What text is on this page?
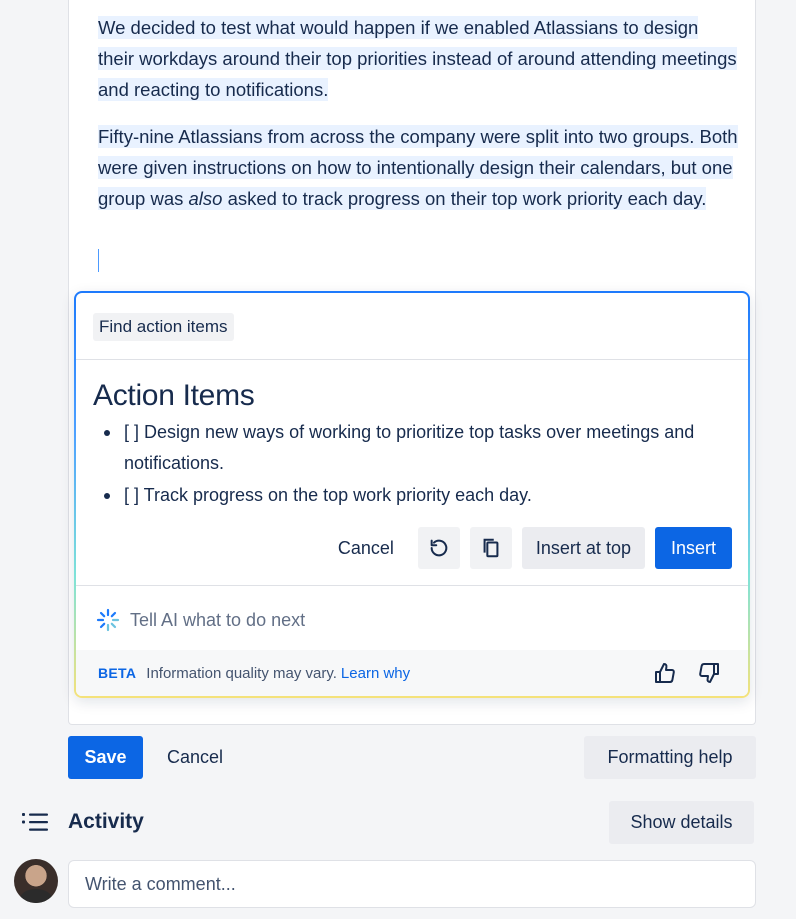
We decided to test what would happen if we enabled Atlassians to design their workdays around their top priorities instead of around attending meetings and reacting to notifications.

Fifty-nine Atlassians from across the company were split into two groups. Both were given instructions on how to intentionally design their calendars, but one group was also asked to track progress on their top work priority each day.

Find action items
Action Items
[ ] Design new ways of working to prioritize top tasks over meetings and notifications.
[ ] Track progress on the top work priority each day.
Cancel	Insert at top	Insert
Tell AI what to do next
BETA Information quality may vary. Learn why
Save	Cancel	Formatting help
Activity	Show details
Write a comment...
